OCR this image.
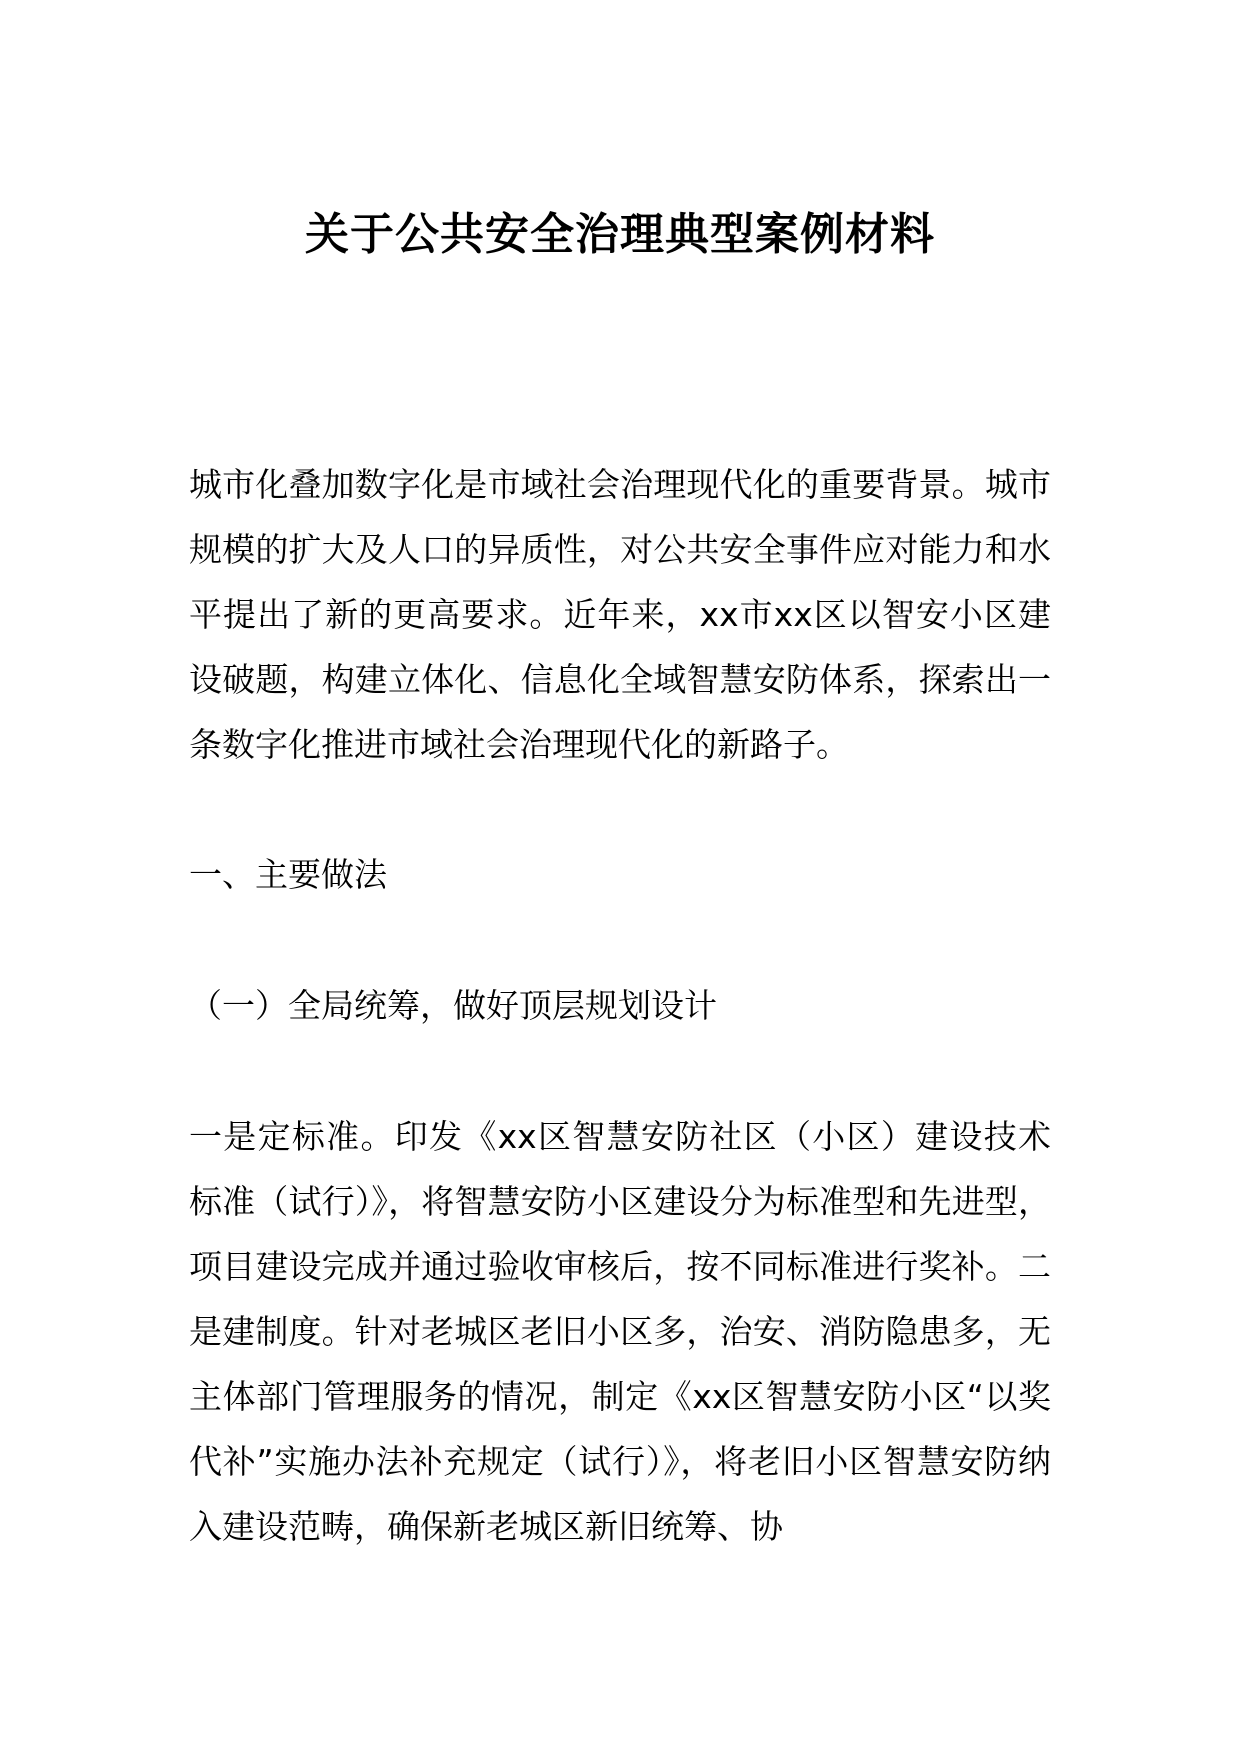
关于公共安全治理典型案例材料

城市化叠加数字化是市域社会治理现代化的重要背景。城市规模的扩大及人口的异质性，对公共安全事件应对能力和水平提出了新的更高要求。近年来，xx市xx区以智安小区建设破题，构建立体化、信息化全域智慧安防体系，探索出一条数字化推进市域社会治理现代化的新路子。

一、主要做法

（一）全局统筹，做好顶层规划设计

一是定标准。印发《xx区智慧安防社区（小区）建设技术标准（试行）》，将智慧安防小区建设分为标准型和先进型，项目建设完成并通过验收审核后，按不同标准进行奖补。二是建制度。针对老城区老旧小区多，治安、消防隐患多，无主体部门管理服务的情况，制定《xx区智慧安防小区“以奖代补”实施办法补充规定（试行）》，将老旧小区智慧安防纳入建设范畴，确保新老城区新旧统筹、协
